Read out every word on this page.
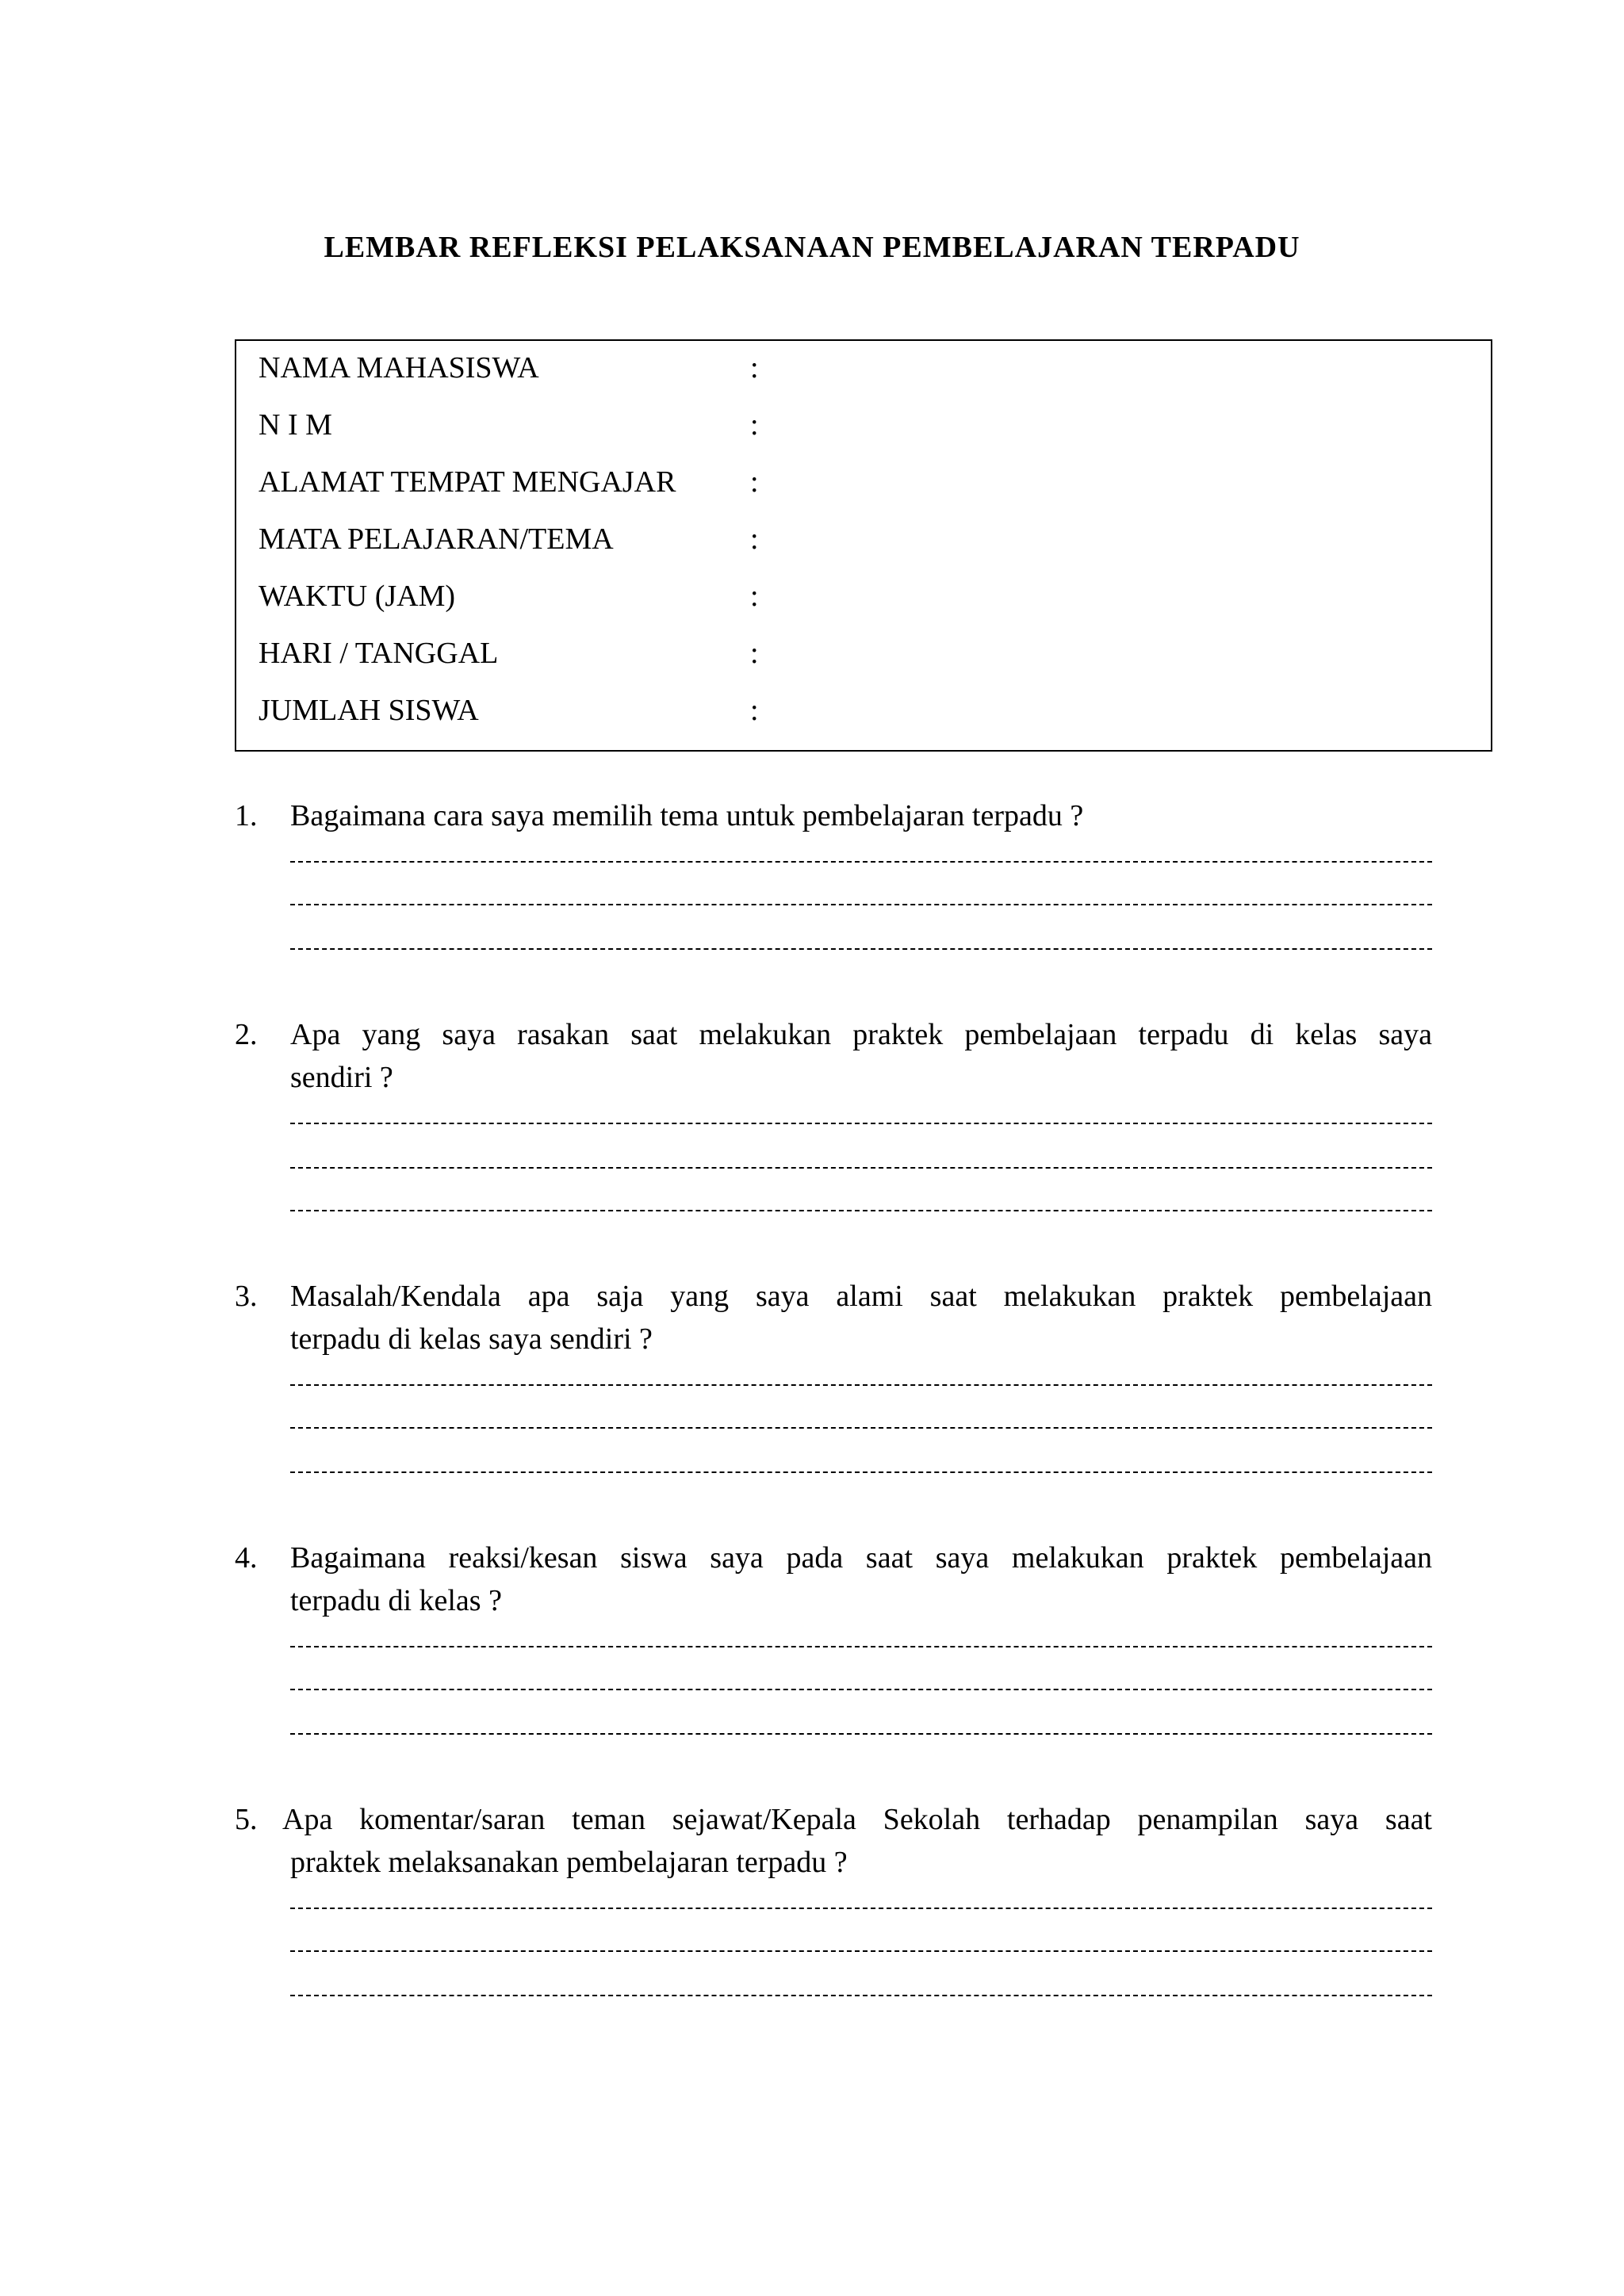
LEMBAR REFLEKSI PELAKSANAAN PEMBELAJARAN TERPADU
NAMA MAHASISWA	:
N I M	:
ALAMAT TEMPAT MENGAJAR :
MATA PELAJARAN/TEMA	:
WAKTU (JAM)	:
HARI / TANGGAL	:
JUMLAH SISWA	:
1. Bagaimana cara saya memilih tema untuk pembelajaran terpadu ?
2. Apa yang saya rasakan saat melakukan praktek pembelajaan terpadu di kelas saya
sendiri ?
3. Masalah/Kendala apa saja yang saya alami saat melakukan praktek pembelajaan
terpadu di kelas saya sendiri ?
4. Bagaimana reaksi/kesan siswa saya pada saat saya melakukan praktek pembelajaan
terpadu di kelas ?
5. Apa komentar/saran teman sejawat/Kepala Sekolah terhadap penampilan saya saat
praktek melaksanakan pembelajaran terpadu ?
